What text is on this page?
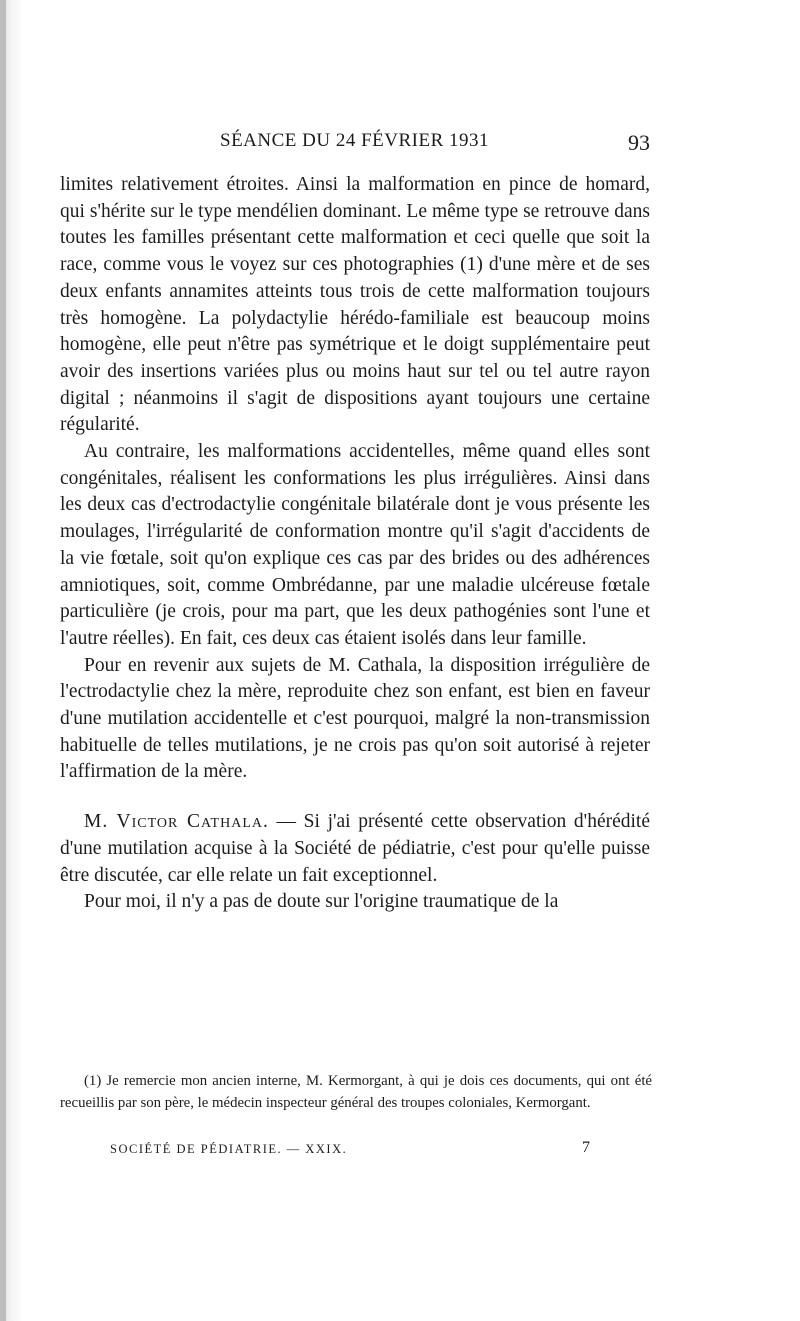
SÉANCE DU 24 FÉVRIER 1931	93

limites relativement étroites. Ainsi la malformation en pince de homard, qui s'hérite sur le type mendélien dominant. Le même type se retrouve dans toutes les familles présentant cette malformation et ceci quelle que soit la race, comme vous le voyez sur ces photographies (1) d'une mère et de ses deux enfants annamites atteints tous trois de cette malformation toujours très homogène. La polydactylie hérédo-familiale est beaucoup moins homogène, elle peut n'être pas symétrique et le doigt supplémentaire peut avoir des insertions variées plus ou moins haut sur tel ou tel autre rayon digital ; néanmoins il s'agit de dispositions ayant toujours une certaine régularité.

Au contraire, les malformations accidentelles, même quand elles sont congénitales, réalisent les conformations les plus irrégulières. Ainsi dans les deux cas d'ectrodactylie congénitale bilatérale dont je vous présente les moulages, l'irrégularité de conformation montre qu'il s'agit d'accidents de la vie fœtale, soit qu'on explique ces cas par des brides ou des adhérences amniotiques, soit, comme Ombrédanne, par une maladie ulcéreuse fœtale particulière (je crois, pour ma part, que les deux pathogénies sont l'une et l'autre réelles). En fait, ces deux cas étaient isolés dans leur famille.

Pour en revenir aux sujets de M. Cathala, la disposition irrégulière de l'ectrodactylie chez la mère, reproduite chez son enfant, est bien en faveur d'une mutilation accidentelle et c'est pourquoi, malgré la non-transmission habituelle de telles mutilations, je ne crois pas qu'on soit autorisé à rejeter l'affirmation de la mère.

M. Victor Cathala. — Si j'ai présenté cette observation d'hérédité d'une mutilation acquise à la Société de pédiatrie, c'est pour qu'elle puisse être discutée, car elle relate un fait exceptionnel.

Pour moi, il n'y a pas de doute sur l'origine traumatique de la

(1) Je remercie mon ancien interne, M. Kermorgant, à qui je dois ces documents, qui ont été recueillis par son père, le médecin inspecteur général des troupes coloniales, Kermorgant.
SOCIÉTÉ DE PÉDIATRIE. — XXIX.	7
